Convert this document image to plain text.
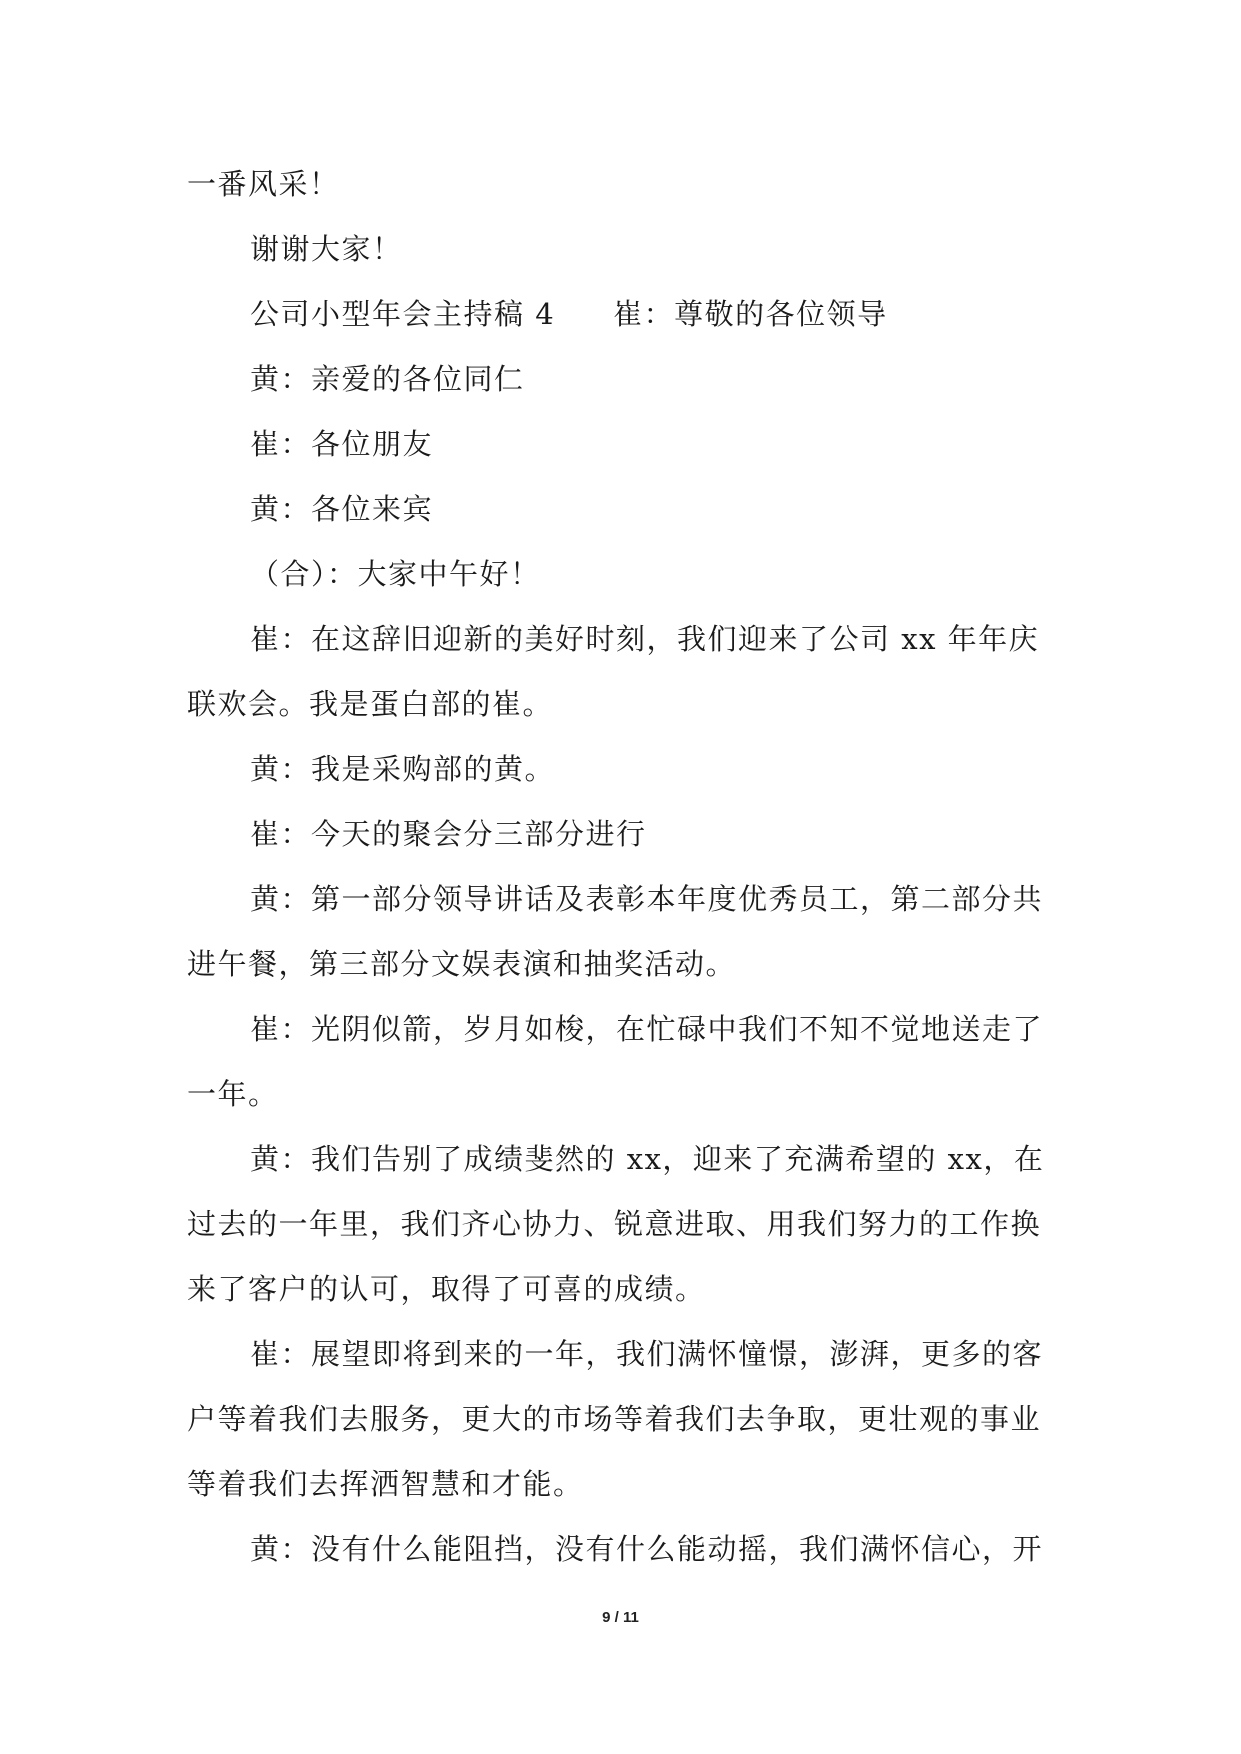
一番风采！
谢谢大家！
公司小型年会主持稿 4 崔：尊敬的各位领导
黄：亲爱的各位同仁
崔：各位朋友
黄：各位来宾
（合）：大家中午好！
崔：在这辞旧迎新的美好时刻，我们迎来了公司 xx 年年庆
联欢会。我是蛋白部的崔。
黄：我是采购部的黄。
崔：今天的聚会分三部分进行
黄：第一部分领导讲话及表彰本年度优秀员工，第二部分共
进午餐，第三部分文娱表演和抽奖活动。
崔：光阴似箭，岁月如梭，在忙碌中我们不知不觉地送走了
一年。
黄：我们告别了成绩斐然的 xx，迎来了充满希望的 xx，在
过去的一年里，我们齐心协力、锐意进取、用我们努力的工作换
来了客户的认可，取得了可喜的成绩。
崔：展望即将到来的一年，我们满怀憧憬，澎湃，更多的客
户等着我们去服务，更大的市场等着我们去争取，更壮观的事业
等着我们去挥洒智慧和才能。
黄：没有什么能阻挡，没有什么能动摇，我们满怀信心，开
9 / 11
